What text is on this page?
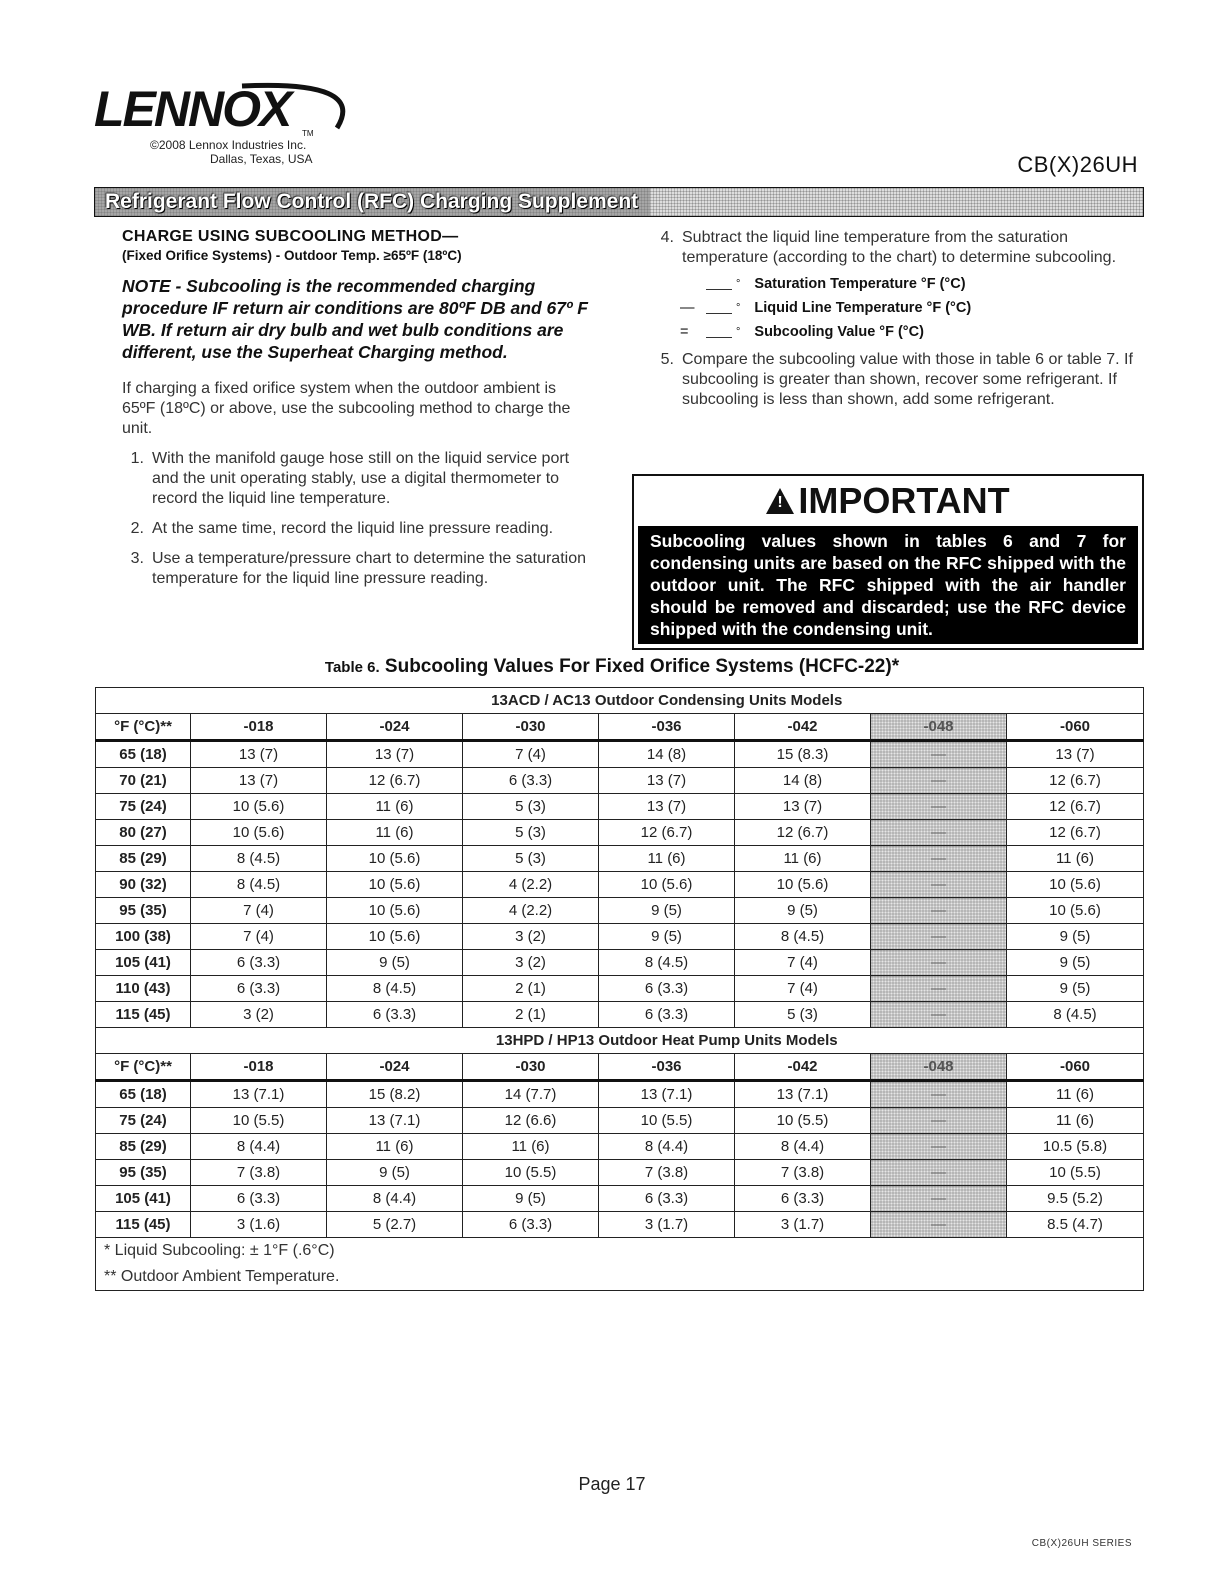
LENNOX	TM
©2008 Lennox Industries Inc.
Dallas, Texas, USA	CB(X)26UH
Refrigerant Flow Control (RFC) Charging Supplement

CHARGE USING SUBCOOLING METHOD—

(Fixed Orifice Systems) - Outdoor Temp. ≥65ºF (18ºC)

NOTE - Subcooling is the recommended charging procedure IF return air conditions are 80ºF DB and 67º F WB. If return air dry bulb and wet bulb conditions are different, use the Superheat Charging method.

If charging a fixed orifice system when the outdoor ambient is 65ºF (18ºC) or above, use the subcooling method to charge the unit.

1. With the manifold gauge hose still on the liquid service port and the unit operating stably, use a digital thermometer to record the liquid line temperature.
2. At the same time, record the liquid line pressure reading.
3. Use a temperature/pressure chart to determine the saturation temperature for the liquid line pressure reading.
4. Subtract the liquid line temperature from the saturation temperature (according to the chart) to determine subcooling.
° Saturation Temperature °F (°C)
—	° Liquid Line Temperature °F (°C)
=	° Subcooling Value °F (°C)
5. Compare the subcooling value with those in table 6 or table 7. If subcooling is greater than shown, recover some refrigerant. If subcooling is less than shown, add some refrigerant.
!IMPORTANT
Subcooling values shown in tables 6 and 7 for condensing units are based on the RFC shipped with the outdoor unit. The RFC shipped with the air handler should be removed and discarded; use the RFC device shipped with the condensing unit.
Table 6. Subcooling Values For Fixed Orifice Systems (HCFC-22)*
	13ACD / AC13 Outdoor Condensing Units Models						
°F (°C)**	-018	-024	-030	-036	-042	-048	-060
65 (18)	13 (7)	13 (7)	7 (4)	14 (8)	15 (8.3)	—	13 (7)
70 (21)	13 (7)	12 (6.7)	6 (3.3)	13 (7)	14 (8)	—	12 (6.7)
75 (24)	10 (5.6)	11 (6)	5 (3)	13 (7)	13 (7)	—	12 (6.7)
80 (27)	10 (5.6)	11 (6)	5 (3)	12 (6.7)	12 (6.7)	—	12 (6.7)
85 (29)	8 (4.5)	10 (5.6)	5 (3)	11 (6)	11 (6)	—	11 (6)
90 (32)	8 (4.5)	10 (5.6)	4 (2.2)	10 (5.6)	10 (5.6)	—	10 (5.6)
95 (35)	7 (4)	10 (5.6)	4 (2.2)	9 (5)	9 (5)	—	10 (5.6)
100 (38)	7 (4)	10 (5.6)	3 (2)	9 (5)	8 (4.5)	—	9 (5)
105 (41)	6 (3.3)	9 (5)	3 (2)	8 (4.5)	7 (4)	—	9 (5)
110 (43)	6 (3.3)	8 (4.5)	2 (1)	6 (3.3)	7 (4)	—	9 (5)
115 (45)	3 (2)	6 (3.3)	2 (1)	6 (3.3)	5 (3)	—	8 (4.5)
	13HPD / HP13 Outdoor Heat Pump Units Models						
°F (°C)**	-018	-024	-030	-036	-042	-048	-060
65 (18)	13 (7.1)	15 (8.2)	14 (7.7)	13 (7.1)	13 (7.1)	—	11 (6)
75 (24)	10 (5.5)	13 (7.1)	12 (6.6)	10 (5.5)	10 (5.5)	—	11 (6)
85 (29)	8 (4.4)	11 (6)	11 (6)	8 (4.4)	8 (4.4)	—	10.5 (5.8)
95 (35)	7 (3.8)	9 (5)	10 (5.5)	7 (3.8)	7 (3.8)	—	10 (5.5)
105 (41)	6 (3.3)	8 (4.4)	9 (5)	6 (3.3)	6 (3.3)	—	9.5 (5.2)
115 (45)	3 (1.6)	5 (2.7)	6 (3.3)	3 (1.7)	3 (1.7)	—	8.5 (4.7)
* Liquid Subcooling: ± 1°F (.6°C)							
** Outdoor Ambient Temperature.							
Page 17
CB(X)26UH SERIES
